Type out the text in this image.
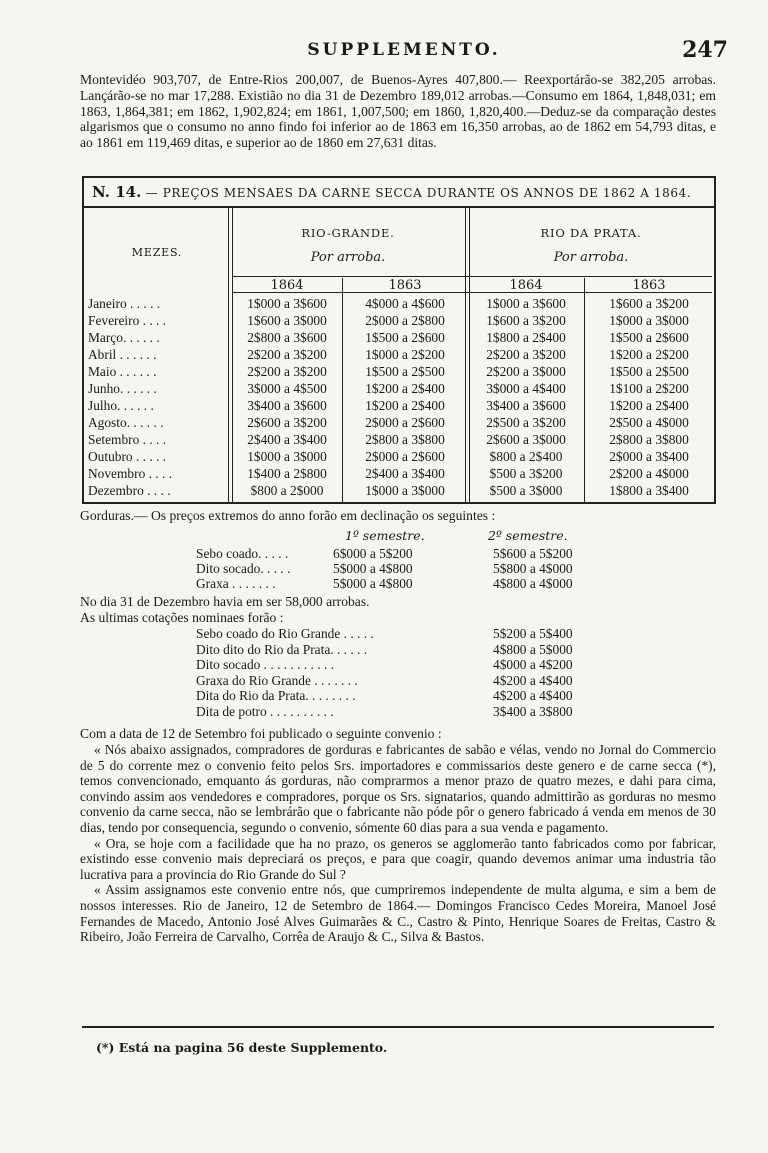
SUPPLEMENTO.	247

Montevidéo 903,707, de Entre-Rios 200,007, de Buenos-Ayres 407,800.— Reexportárão-se 382,205 arrobas. Lançárão-se no mar 17,288. Existião no dia 31 de Dezembro 189,012 arrobas.—Consumo em 1864, 1,848,031; em 1863, 1,864,381; em 1862, 1,902,824; em 1861, 1,007,500; em 1860, 1,820,400.—Deduz-se da comparação destes algarismos que o consumo no anno findo foi inferior ao de 1863 em 16,350 arrobas, ao de 1862 em 54,793 ditas, e ao 1861 em 119,469 ditas, e superior ao de 1860 em 27,631 ditas.

N. 14. — PREÇOS MENSAES DA CARNE SECCA DURANTE OS ANNOS DE 1862 A 1864.
MEZES.
RIO-GRANDE.
Por arroba.
RIO DA PRATA.
Por arroba.
1864	1863	1864	1863
Janeiro . . . . .	1$000 a 3$600	4$000 a 4$600	1$000 a 3$600	1$600 a 3$200
Fevereiro . . . .	1$600 a 3$000	2$000 a 2$800	1$600 a 3$200	1$000 a 3$000
Março. . . . . .	2$800 a 3$600	1$500 a 2$600	1$800 a 2$400	1$500 a 2$600
Abril . . . . . .	2$200 a 3$200	1$000 a 2$200	2$200 a 3$200	1$200 a 2$200
Maio . . . . . .	2$200 a 3$200	1$500 a 2$500	2$200 a 3$000	1$500 a 2$500
Junho. . . . . .	3$000 a 4$500	1$200 a 2$400	3$000 a 4$400	1$100 a 2$200
Julho. . . . . .	3$400 a 3$600	1$200 a 2$400	3$400 a 3$600	1$200 a 2$400
Agosto. . . . . .	2$600 a 3$200	2$000 a 2$600	2$500 a 3$200	2$500 a 4$000
Setembro . . . .	2$400 a 3$400	2$800 a 3$800	2$600 a 3$000	2$800 a 3$800
Outubro . . . . .	1$000 a 3$000	2$000 a 2$600	$800 a 2$400	2$000 a 3$400
Novembro . . . .	1$400 a 2$800	2$400 a 3$400	$500 a 3$200	2$200 a 4$000
Dezembro . . . .	$800 a 2$000	1$000 a 3$000	$500 a 3$000	1$800 a 3$400
Gorduras.— Os preços extremos do anno forão em declinação os seguintes :
1º semestre.	2º semestre.
Sebo coado. . . . .	6$000 a 5$200	5$600 a 5$200
Dito socado. . . . .	5$000 a 4$800	5$800 a 4$000
Graxa . . . . . . .	5$000 a 4$800	4$800 a 4$000
No dia 31 de Dezembro havia em ser 58,000 arrobas.
As ultimas cotações nominaes forão :
Sebo coado do Rio Grande . . . . .	5$200 a 5$400
Dito dito do Rio da Prata. . . . . .	4$800 a 5$000
Dito socado . . . . . . . . . . .	4$000 a 4$200
Graxa do Rio Grande . . . . . . .	4$200 a 4$400
Dita do Rio da Prata. . . . . . . .	4$200 a 4$400
Dita de potro . . . . . . . . . .	3$400 a 3$800
Com a data de 12 de Setembro foi publicado o seguinte convenio :

« Nós abaixo assignados, compradores de gorduras e fabricantes de sabão e vélas, vendo no Jornal do Commercio de 5 do corrente mez o convenio feito pelos Srs. importadores e commissarios deste genero e de carne secca (*), temos convencionado, emquanto ás gorduras, não comprarmos a menor prazo de quatro mezes, e dahi para cima, convindo assim aos vendedores e compradores, porque os Srs. signatarios, quando admittirão as gorduras no mesmo convenio da carne secca, não se lembrárão que o fabricante não póde pôr o genero fabricado á venda em menos de 30 dias, tendo por consequencia, segundo o convenio, sómente 60 dias para a sua venda e pagamento.

« Ora, se hoje com a facilidade que ha no prazo, os generos se agglomerão tanto fabricados como por fabricar, existindo esse convenio mais depreciará os preços, e para que coagir, quando devemos animar uma industria tão lucrativa para a provincia do Rio Grande do Sul ?

« Assim assignamos este convenio entre nós, que cumpriremos independente de multa alguma, e sim a bem de nossos interesses. Rio de Janeiro, 12 de Setembro de 1864.— Domingos Francisco Cedes Moreira, Manoel José Fernandes de Macedo, Antonio José Alves Guimarães & C., Castro & Pinto, Henrique Soares de Freitas, Castro & Ribeiro, João Ferreira de Carvalho, Corrêa de Araujo & C., Silva & Bastos.

(*) Está na pagina 56 deste Supplemento.
